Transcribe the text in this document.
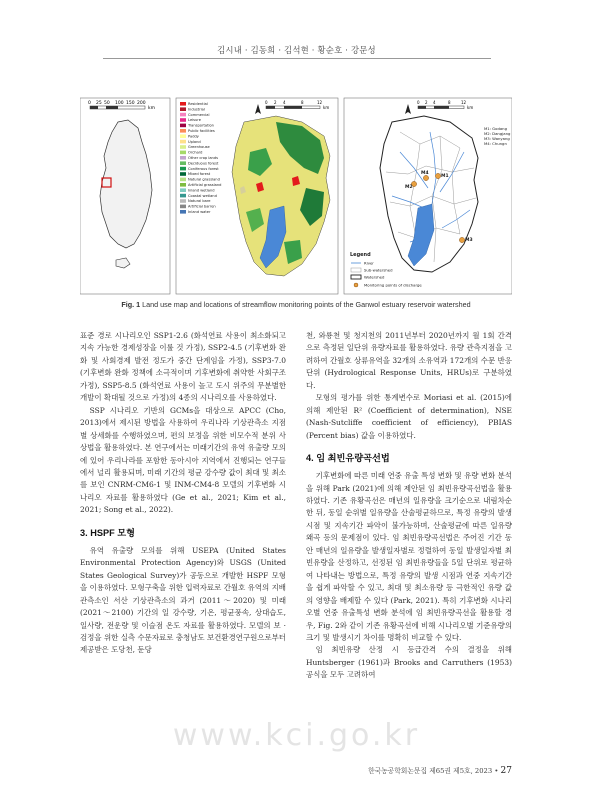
김시내 · 김동희 · 김석현 · 황순호 · 강문성
0 25 50 100 150 200
km
Residential
Industrial
Commercial
Leisure
Transportation
Public facilities
Paddy
Upland
Greenhouse
Orchard
Other crop lands
Deciduous forest
Coniferous forest
Mixed forest
Natural grassland
Artificial grassland
Inland wetland
Coastal wetland
Natural bare
Artificial barren
Inland water
0 2 4	8	12
km
0 2 4	8	12
km
M1: Godang
M2: Dangjang
M3: Wanyang
M4: Chungn
M1
M2
M3
M4
Legend
River
Sub-watershed
Watershed
Monitoring points of discharge
Fig. 1 Land use map and locations of streamflow monitoring points of the Ganwol estuary reservoir watershed

표준 경로 시나리오인 SSP1-2.6 (화석연료 사용이 최소화되고 지속 가능한 경제성장을 이룰 것 가정), SSP2-4.5 (기후변화 완화 및 사회경제 발전 정도가 중간 단계임을 가정), SSP3-7.0 (기후변화 완화 정책에 소극적이며 기후변화에 취약한 사회구조 가정), SSP5-8.5 (화석연료 사용이 높고 도시 위주의 무분별한 개발이 확대될 것으로 가정)의 4종의 시나리오를 사용하였다.

SSP 시나리오 기반의 GCMs을 대상으로 APCC (Cho, 2013)에서 제시된 방법을 사용하여 우리나라 기상관측소 지점별 상세화를 수행하였으며, 편의 보정을 위한 비모수적 분위 사상법을 활용하였다. 본 연구에서는 미래기간의 유역 유출량 모의에 있어 우리나라를 포함한 동아시아 지역에서 진행되는 연구들에서 널리 활용되며, 미래 기간의 평균 강수량 값이 최대 및 최소를 보인 CNRM-CM6-1 및 INM-CM4-8 모델의 기후변화 시나리오 자료를 활용하였다 (Ge et al., 2021; Kim et al., 2021; Song et al., 2022).

3. HSPF 모형

유역 유출량 모의를 위해 USEPA (United States Environmental Protection Agency)와 USGS (United States Geological Survey)가 공동으로 개발한 HSPF 모형을 이용하였다. 모형구축을 위한 입력자료로 간월호 유역의 지배관측소인 서산 기상관측소의 과거 (2011～2020) 및 미래 (2021～2100) 기간의 일 강수량, 기온, 평균풍속, 상대습도, 일사량, 전운량 및 이슬점 온도 자료를 활용하였다. 모델의 보 · 검정을 위한 실측 수문자료로 충청남도 보건환경연구원으로부터 제공받은 도당천, 둔당

천, 와룡천 및 청지천의 2011년부터 2020년까지 월 1회 간격으로 측정된 일단위 유량자료를 활용하였다. 유량 관측지점을 고려하여 간월호 상류유역을 32개의 소유역과 172개의 수문 반응단위 (Hydrological Response Units, HRUs)로 구분하였다.

모형의 평가를 위한 통계변수로 Moriasi et al. (2015)에 의해 제안된 R² (Coefficient of determination), NSE (Nash-Sutcliffe coefficient of efficiency), PBIAS (Percent bias) 값을 이용하였다.

4. 임 최빈유량곡선법

기후변화에 따른 미래 연중 유출 특성 변화 및 유량 변화 분석을 위해 Park (2021)에 의해 제안된 임 최빈유량곡선법을 활용하였다. 기존 유황곡선은 매년의 일유량을 크기순으로 내림차순 한 뒤, 동일 순위별 일유량을 산술평균하므로, 특정 유량의 발생 시점 및 지속기간 파악이 불가능하며, 산술평균에 따른 일유량 왜곡 등의 문제점이 있다. 임 최빈유량곡선법은 주어진 기간 동안 매년의 일유량을 발생일자별로 정렬하여 동일 발생일자별 최빈유량을 산정하고, 선정된 임 최빈유량들을 5일 단위로 평균하여 나타내는 방법으로, 특정 유량의 발생 시점과 연중 지속기간을 쉽게 파악할 수 있고, 최대 및 최소유량 등 극한적인 유량 값의 영향을 배제할 수 있다 (Park, 2021). 특히 기후변화 시나리오별 연중 유출특성 변화 분석에 임 최빈유량곡선을 활용할 경우, Fig. 2와 같이 기존 유황곡선에 비해 시나리오별 기준유량의 크기 및 발생시기 차이를 명확히 비교할 수 있다.

임 최빈유량 산정 시 등급간격 수의 결정을 위해 Huntsberger (1961)과 Brooks and Carruthers (1953) 공식을 모두 고려하여

www.kci.go.kr
한국농공학회논문집 제65권 제5호, 2023 • 27
